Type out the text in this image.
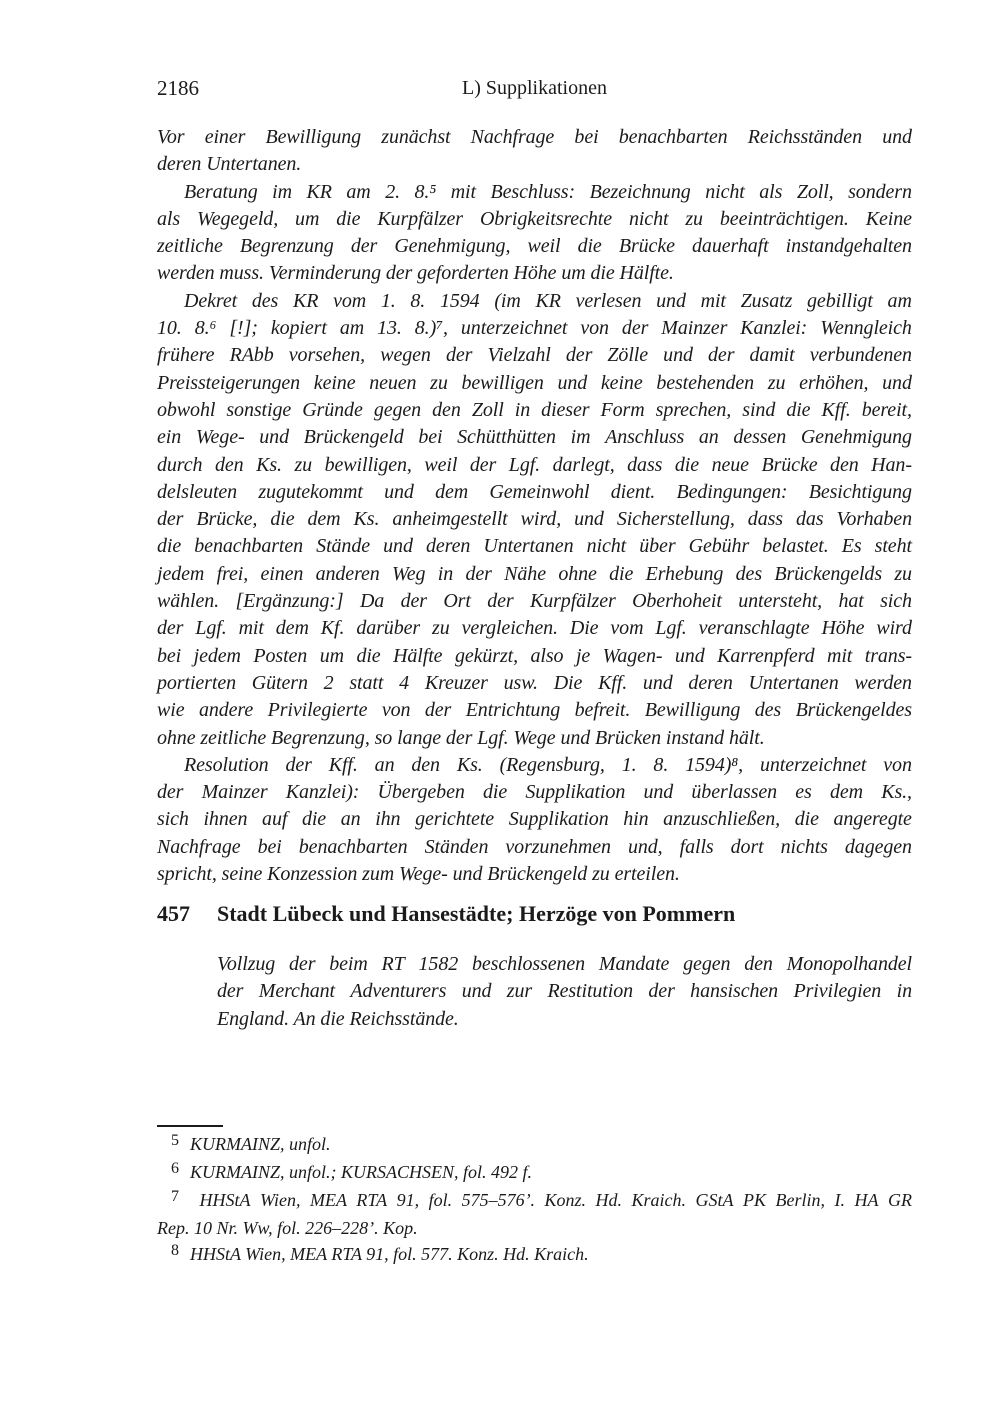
2186	L) Supplikationen
Vor einer Bewilligung zunächst Nachfrage bei benachbarten Reichsständen und
deren Untertanen.
Beratung im KR am 2. 8.⁵ mit Beschluss: Bezeichnung nicht als Zoll, sondern
als Wegegeld, um die Kurpfälzer Obrigkeitsrechte nicht zu beeinträchtigen. Keine
zeitliche Begrenzung der Genehmigung, weil die Brücke dauerhaft instandgehalten
werden muss. Verminderung der geforderten Höhe um die Hälfte.
Dekret des KR vom 1. 8. 1594 (im KR verlesen und mit Zusatz gebilligt am
10. 8.⁶ [!]; kopiert am 13. 8.)⁷, unterzeichnet von der Mainzer Kanzlei: Wenngleich
frühere RAbb vorsehen, wegen der Vielzahl der Zölle und der damit verbundenen
Preissteigerungen keine neuen zu bewilligen und keine bestehenden zu erhöhen, und
obwohl sonstige Gründe gegen den Zoll in dieser Form sprechen, sind die Kff. bereit,
ein Wege- und Brückengeld bei Schütthütten im Anschluss an dessen Genehmigung
durch den Ks. zu bewilligen, weil der Lgf. darlegt, dass die neue Brücke den Han-
delsleuten zugutekommt und dem Gemeinwohl dient. Bedingungen: Besichtigung
der Brücke, die dem Ks. anheimgestellt wird, und Sicherstellung, dass das Vorhaben
die benachbarten Stände und deren Untertanen nicht über Gebühr belastet. Es steht
jedem frei, einen anderen Weg in der Nähe ohne die Erhebung des Brückengelds zu
wählen. [Ergänzung:] Da der Ort der Kurpfälzer Oberhoheit untersteht, hat sich
der Lgf. mit dem Kf. darüber zu vergleichen. Die vom Lgf. veranschlagte Höhe wird
bei jedem Posten um die Hälfte gekürzt, also je Wagen- und Karrenpferd mit trans-
portierten Gütern 2 statt 4 Kreuzer usw. Die Kff. und deren Untertanen werden
wie andere Privilegierte von der Entrichtung befreit. Bewilligung des Brückengeldes
ohne zeitliche Begrenzung, so lange der Lgf. Wege und Brücken instand hält.
Resolution der Kff. an den Ks. (Regensburg, 1. 8. 1594)⁸, unterzeichnet von
der Mainzer Kanzlei): Übergeben die Supplikation und überlassen es dem Ks.,
sich ihnen auf die an ihn gerichtete Supplikation hin anzuschließen, die angeregte
Nachfrage bei benachbarten Ständen vorzunehmen und, falls dort nichts dagegen
spricht, seine Konzession zum Wege- und Brückengeld zu erteilen.
457 Stadt Lübeck und Hansestädte; Herzöge von Pommern
Vollzug der beim RT 1582 beschlossenen Mandate gegen den Monopolhandel
der Merchant Adventurers und zur Restitution der hansischen Privilegien in
England. An die Reichsstände.
5 KURMAINZ, unfol.
6 KURMAINZ, unfol.; KURSACHSEN, fol. 492 f.
7 HHStA Wien, MEA RTA 91, fol. 575–576’. Konz. Hd. Kraich. GStA PK Berlin, I. HA GR
Rep. 10 Nr. Ww, fol. 226–228’. Kop.
8 HHStA Wien, MEA RTA 91, fol. 577. Konz. Hd. Kraich.
